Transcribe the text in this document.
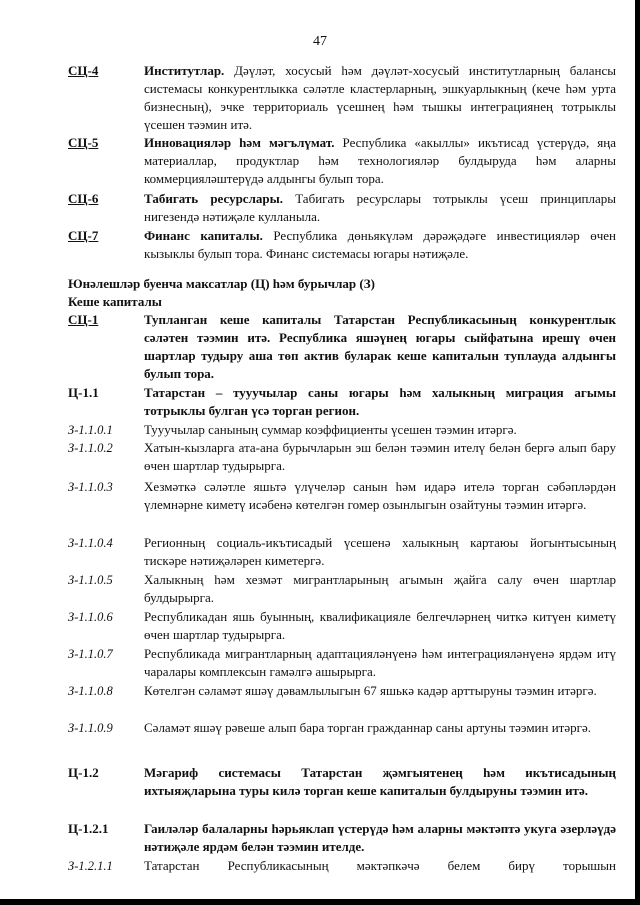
47
СЦ-4	Институтлар. Дәүләт, хосусый һәм дәүләт-хосусый институтларның балансы системасы конкурентлыкка сәләтле кластерларның, эшкуарлыкның (кече һәм урта бизнесның), эчке территориаль үсешнең һәм тышкы интеграциянең тотрыклы үсешен тәэмин итә.
СЦ-5	Инновацияләр һәм мәгълүмат. Республика «акыллы» икътисад үстерүдә, яңа материаллар, продуктлар һәм технологияләр булдыруда һәм аларны коммерцияләштерүдә алдынгы булып тора.
СЦ-6	Табигать ресурслары. Табигать ресурслары тотрыклы үсеш принциплары нигезендә нәтиҗәле кулланыла.
СЦ-7	Финанс капиталы. Республика дөньякүләм дәрәҗәдәге инвестицияләр өчен кызыклы булып тора. Финанс системасы югары нәтиҗәле.
Юнәлешләр буенча максатлар (Ц) һәм бурычлар (З)
Кеше капиталы
СЦ-1	Тупланган кеше капиталы Татарстан Республикасының конкурентлык сәләтен тәэмин итә. Республика яшәүнең югары сыйфатына ирешү өчен шартлар тудыру аша төп актив буларак кеше капиталын туплауда алдынгы булып тора.
Ц-1.1	Татарстан – тууучылар саны югары һәм халыкның миграция агымы тотрыклы булган үсә торган регион.
З-1.1.0.1 Тууучылар санының суммар коэффициенты үсешен тәэмин итәргә.
З-1.1.0.2 Хатын-кызларга ата-ана бурычларын эш белән тәэмин ителү белән бергә алып бару өчен шартлар тудырырга.
З-1.1.0.3 Хезмәткә сәләтле яшьтә үлүчеләр санын һәм идарә ителә торган сәбәпләрдән үлемнәрне киметү исәбенә көтелгән гомер озынлыгын озайтуны тәэмин итәргә.
З-1.1.0.4 Регионның социаль-икътисадый үсешенә халыкның картаюы йогынтысының тискәре нәтиҗәләрен киметергә.
З-1.1.0.5 Халыкның һәм хезмәт мигрантларының агымын җайга салу өчен шартлар булдырырга.
З-1.1.0.6 Республикадан яшь буынның, квалификацияле белгечләрнең читкә китүен киметү өчен шартлар тудырырга.
З-1.1.0.7 Республикада мигрантларның адаптацияләнүенә һәм интеграцияләнүенә ярдәм итү чаралары комплексын гамәлгә ашырырга.
З-1.1.0.8 Көтелгән сәламәт яшәү дәвамлылыгын 67 яшькә кадәр арттыруны тәэмин итәргә.
З-1.1.0.9 Сәламәт яшәү рәвеше алып бара торган гражданнар саны артуны тәэмин итәргә.
Ц-1.2	Мәгариф системасы Татарстан җәмгыятенең һәм икътисадының ихтыяҗларына туры килә торган кеше капиталын булдыруны тәэмин итә.
Ц-1.2.1	Гаиләләр балаларны һәрьяклап үстерүдә һәм аларны мәктәптә укуга әзерләүдә нәтиҗәле ярдәм белән тәэмин ителде.
З-1.2.1.1 Татарстан Республикасының мәктәпкәчә белем бирү торышын
